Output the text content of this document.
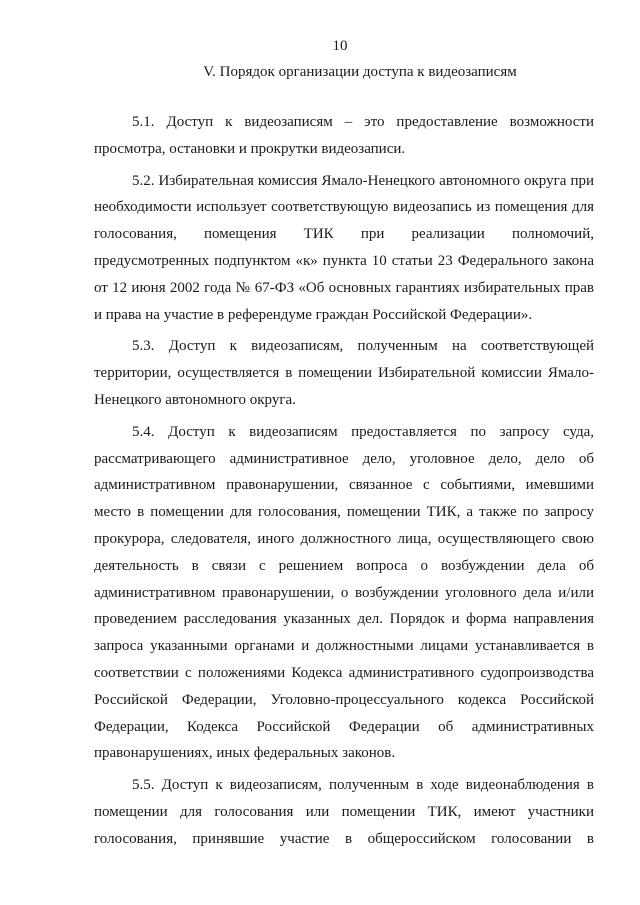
10
V. Порядок организации доступа к видеозаписям

5.1. Доступ к видеозаписям – это предоставление возможности просмотра, остановки и прокрутки видеозаписи.

5.2. Избирательная комиссия Ямало-Ненецкого автономного округа при необходимости использует соответствующую видеозапись из помещения для голосования, помещения ТИК при реализации полномочий, предусмотренных подпунктом «к» пункта 10 статьи 23 Федерального закона от 12 июня 2002 года № 67-ФЗ «Об основных гарантиях избирательных прав и права на участие в референдуме граждан Российской Федерации».

5.3. Доступ к видеозаписям, полученным на соответствующей территории, осуществляется в помещении Избирательной комиссии Ямало-Ненецкого автономного округа.

5.4. Доступ к видеозаписям предоставляется по запросу суда, рассматривающего административное дело, уголовное дело, дело об административном правонарушении, связанное с событиями, имевшими место в помещении для голосования, помещении ТИК, а также по запросу прокурора, следователя, иного должностного лица, осуществляющего свою деятельность в связи с решением вопроса о возбуждении дела об административном правонарушении, о возбуждении уголовного дела и/или проведением расследования указанных дел. Порядок и форма направления запроса указанными органами и должностными лицами устанавливается в соответствии с положениями Кодекса административного судопроизводства Российской Федерации, Уголовно-процессуального кодекса Российской Федерации, Кодекса Российской Федерации об административных правонарушениях, иных федеральных законов.

5.5. Доступ к видеозаписям, полученным в ходе видеонаблюдения в помещении для голосования или помещении ТИК, имеют участники голосования, принявшие участие в общероссийском голосовании в
